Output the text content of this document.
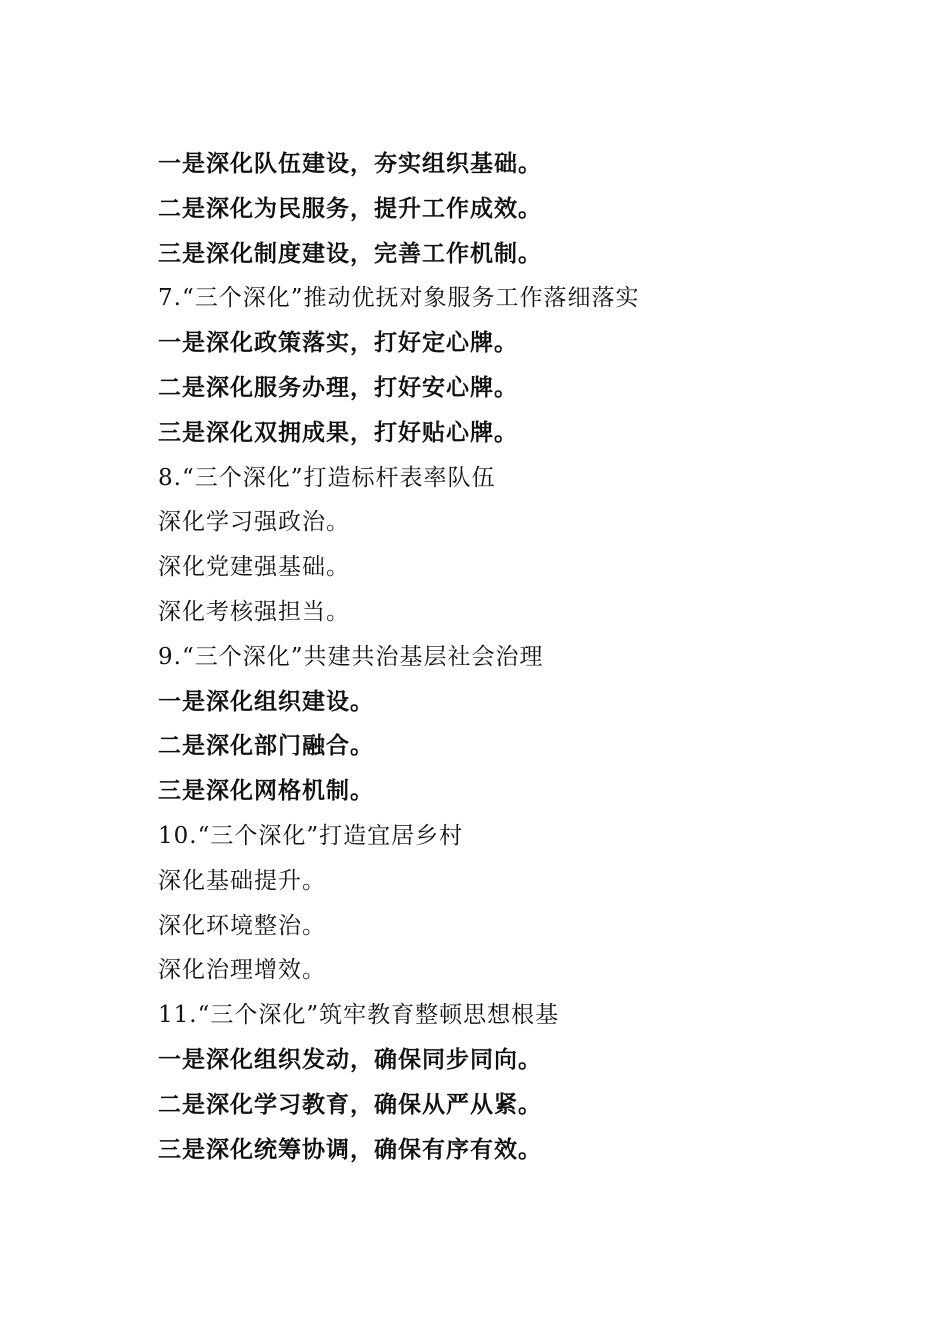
一是深化队伍建设，夯实组织基础。
二是深化为民服务，提升工作成效。
三是深化制度建设，完善工作机制。
7.“三个深化”推动优抚对象服务工作落细落实
一是深化政策落实，打好定心牌。
二是深化服务办理，打好安心牌。
三是深化双拥成果，打好贴心牌。
8.“三个深化”打造标杆表率队伍
深化学习强政治。
深化党建强基础。
深化考核强担当。
9.“三个深化”共建共治基层社会治理
一是深化组织建设。
二是深化部门融合。
三是深化网格机制。
10.“三个深化”打造宜居乡村
深化基础提升。
深化环境整治。
深化治理增效。
11.“三个深化”筑牢教育整顿思想根基
一是深化组织发动，确保同步同向。
二是深化学习教育，确保从严从紧。
三是深化统筹协调，确保有序有效。
